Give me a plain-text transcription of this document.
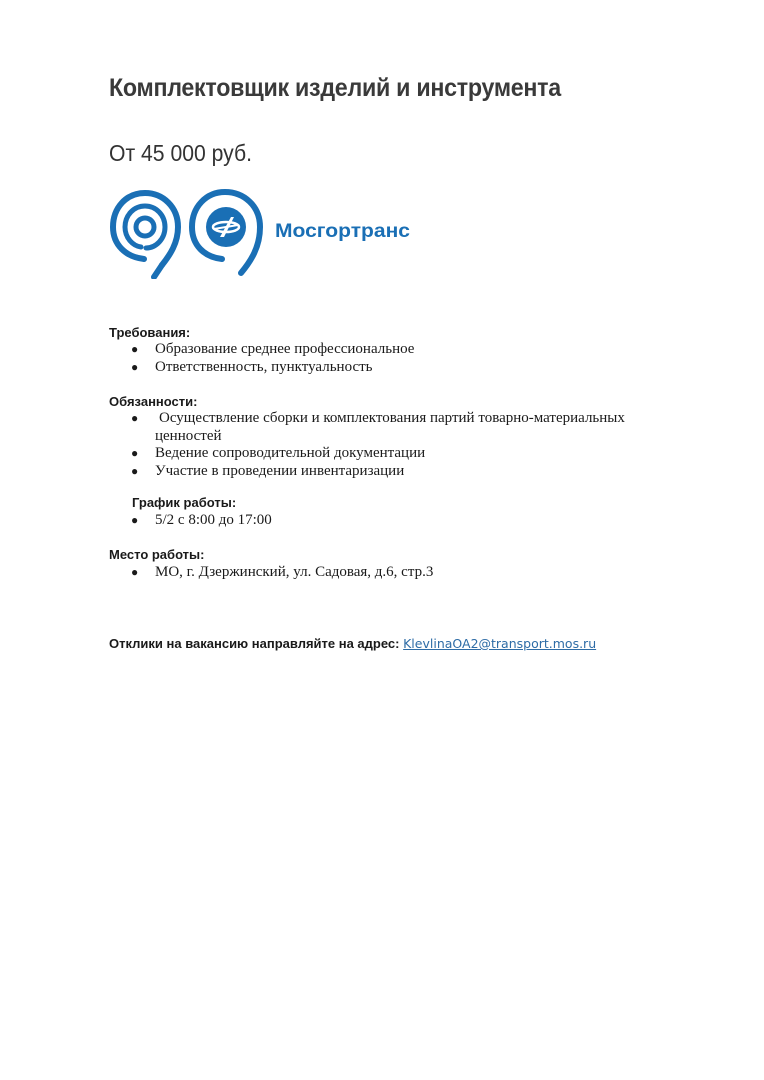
Комплектовщик изделий и инструмента

От 45 000 руб.

Мосгортранс
Требования:
● Образование среднее профессиональное
● Ответственность, пунктуальность
Обязанности:
● Осуществление сборки и комплектования партий товарно-материальных ценностей
● Ведение сопроводительной документации
● Участие в проведении инвентаризации
График работы:
● 5/2 с 8:00 до 17:00
Место работы:
● МО, г. Дзержинский, ул. Садовая, д.6, стр.3

Отклики на вакансию направляйте на адрес: KlevlinaOA2@transport.mos.ru
